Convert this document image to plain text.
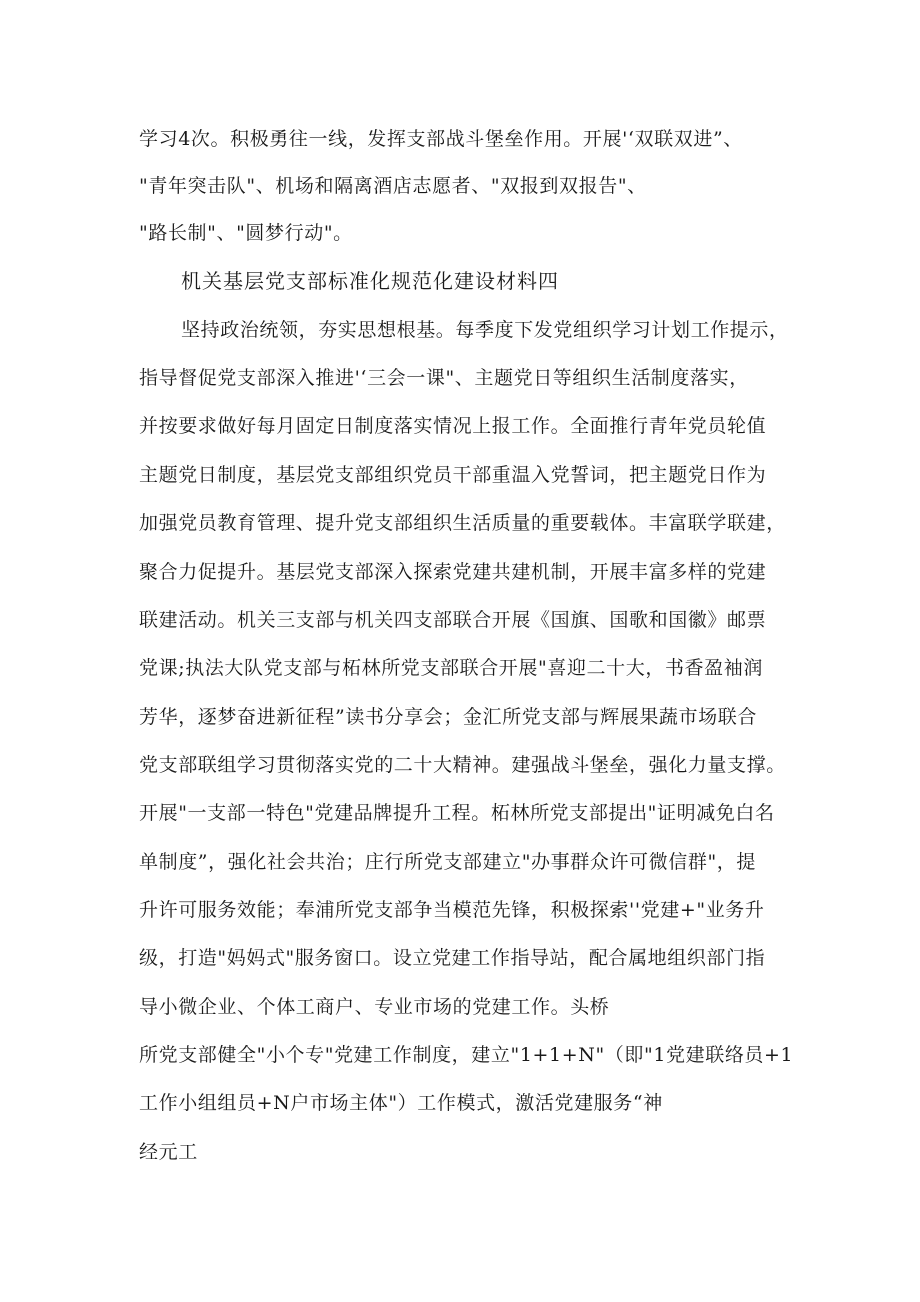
学习4次。积极勇往一线，发挥支部战斗堡垒作用。开展'‘双联双进”、
"青年突击队"、机场和隔离酒店志愿者、"双报到双报告"、
"路长制"、"圆梦行动"。
机关基层党支部标准化规范化建设材料四
坚持政治统领，夯实思想根基。每季度下发党组织学习计划工作提示，
指导督促党支部深入推进'‘三会一课"、主题党日等组织生活制度落实，
并按要求做好每月固定日制度落实情况上报工作。全面推行青年党员轮值
主题党日制度，基层党支部组织党员干部重温入党誓词，把主题党日作为
加强党员教育管理、提升党支部组织生活质量的重要载体。丰富联学联建，
聚合力促提升。基层党支部深入探索党建共建机制，开展丰富多样的党建
联建活动。机关三支部与机关四支部联合开展《国旗、国歌和国徽》邮票
党课;执法大队党支部与柘林所党支部联合开展"喜迎二十大，书香盈袖润
芳华，逐梦奋进新征程”读书分享会；金汇所党支部与辉展果蔬市场联合
党支部联组学习贯彻落实党的二十大精神。建强战斗堡垒，强化力量支撑。
开展"一支部一特色"党建品牌提升工程。柘林所党支部提出"证明减免白名
单制度”，强化社会共治；庄行所党支部建立"办事群众许可微信群"，提
升许可服务效能；奉浦所党支部争当模范先锋，积极探索''党建+"业务升
级，打造"妈妈式"服务窗口。设立党建工作指导站，配合属地组织部门指
导小微企业、个体工商户、专业市场的党建工作。头桥
所党支部健全"小个专"党建工作制度，建立"1+1+N"（即"1党建联络员+1
工作小组组员+N户市场主体"）工作模式，激活党建服务“神
经元工
